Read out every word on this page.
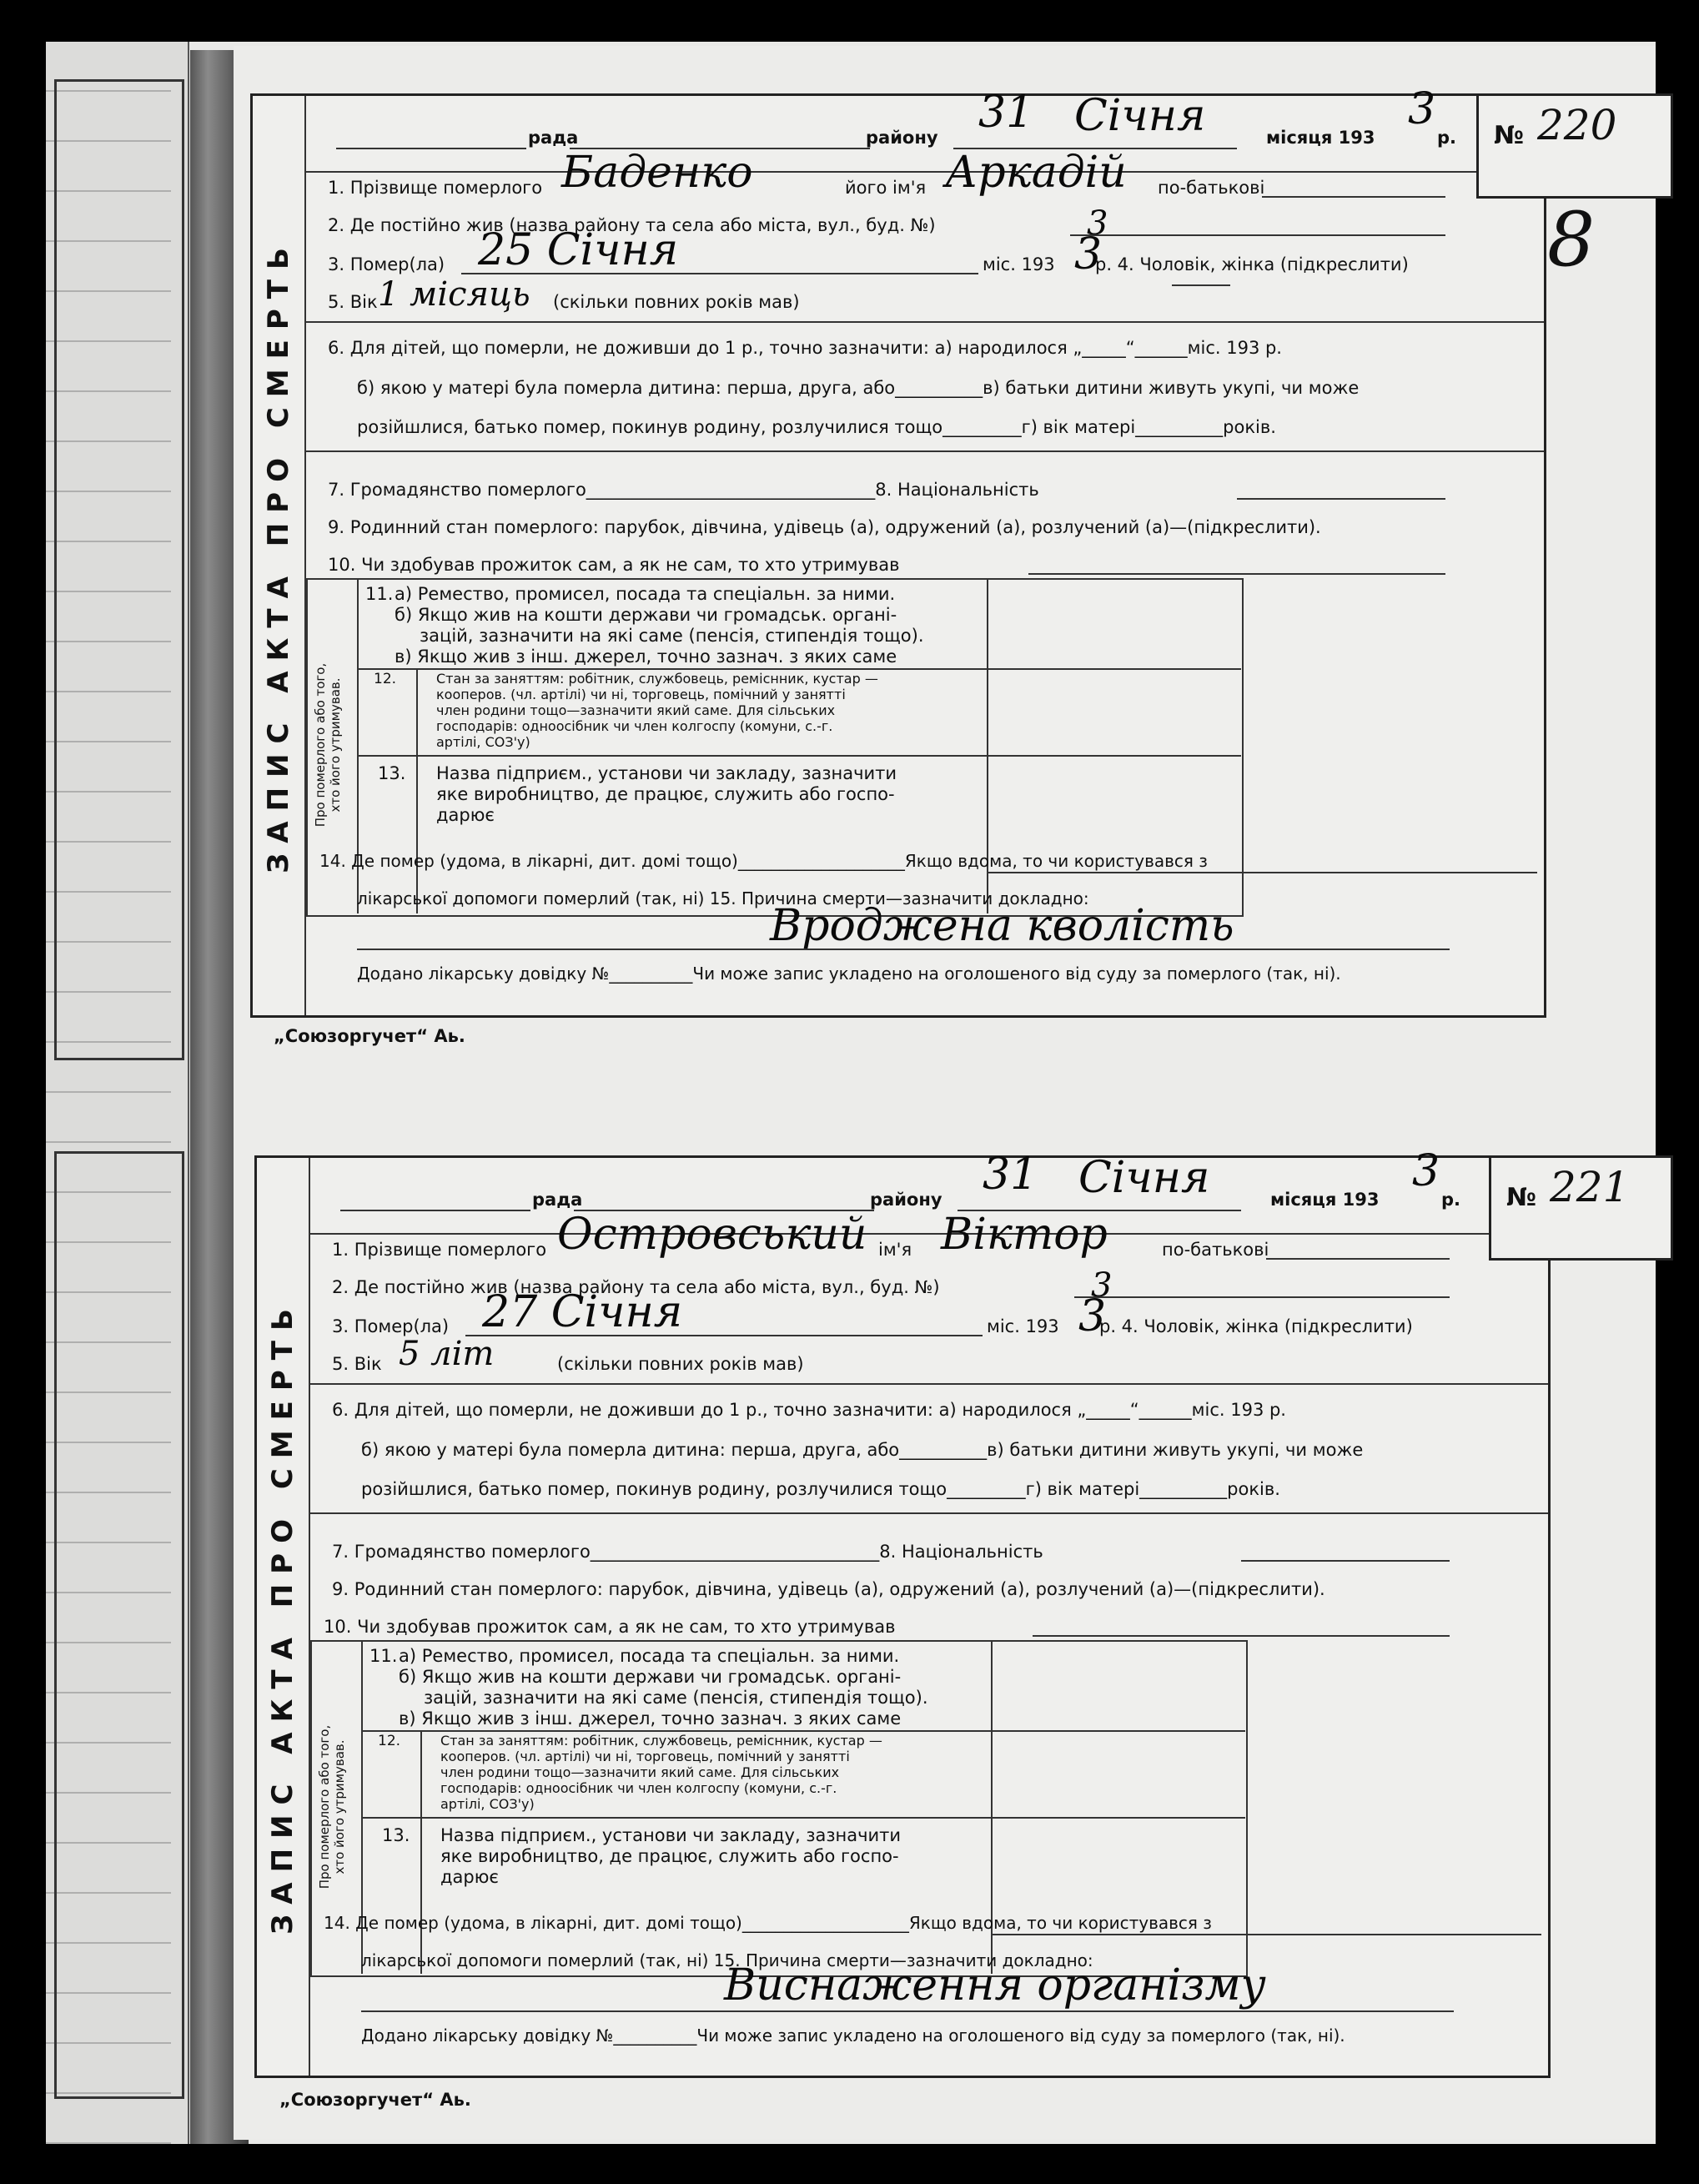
ЗАПИС АКТА ПРО СМЕРТЬ
рада	району 31 Січня	місяця 193
3
р.
1. Прізвище померлого Баденко	його ім'я Аркадій по-батькові
2. Де постійно жив (назва району та села або міста, вул., буд. №)	3
3. Помер(ла) 25 Січня	міс. 193 3
р. 4. Чоловік, жінка (підкреслити)
5. Вік 1 місяць (скільки повних років мав)
6. Для дітей, що померли, не доживши до 1 р., точно зазначити: а) народилося „_____“______міс. 193 р.
б) якою у матері була померла дитина: перша, друга, або__________в) батьки дитини живуть укупі, чи може
розійшлися, батько помер, покинув родину, розлучилися тощо_________г) вік матері__________років.
7. Громадянство померлого_________________________________8. Національність
9. Родинний стан померлого: парубок, дівчина, удівець (а), одружений (а), розлучений (а)—(підкреслити).
10. Чи здобував прожиток сам, а як не сам, то хто утримував
Про померлого або того,
хто його утримував.
11. а) Ремество, промисел, посада та спеціальн. за ними.
б) Якщо жив на кошти держави чи громадськ. органі-
зацій, зазначити на які саме (пенсія, стипендія тощо).
в) Якщо жив з інш. джерел, точно зазнач. з яких саме
12.	Стан за заняттям: робітник, службовець, реміснник, кустар —
кооперов. (чл. артілі) чи ні, торговець, помічний у занятті
член родини тощо—зазначити який саме. Для сільських
господарів: одноосібник чи член колгоспу (комуни, с.-г.
артілі, СОЗ'у)
13. Назва підприєм., установи чи закладу, зазначити
яке виробництво, де працює, служить або госпо-
дарює
14. Де помер (удома, в лікарні, дит. домі тощо)____________________Якщо вдома, то чи користувався з
лікарської допомоги померлий (так, ні) 15. Причина смерти—зазначити докладно:
Вроджена кволість
Додано лікарську довідку №__________Чи може запис укладено на оголошеного від суду за померлого (так, ні).
№ 220
8
„Союзоргучет“ Аь.
ЗАПИС АКТА ПРО СМЕРТЬ
рада	району 31 Січня	місяця 193
3
р.
1. Прізвище померлого Островський ім'я Віктор	по-батькові
2. Де постійно жив (назва району та села або міста, вул., буд. №)	3
3. Помер(ла) 27 Січня	міс. 193 3
р. 4. Чоловік, жінка (підкреслити)
5. Вік 5 літ	(скільки повних років мав)
6. Для дітей, що померли, не доживши до 1 р., точно зазначити: а) народилося „_____“______міс. 193 р.
б) якою у матері була померла дитина: перша, друга, або__________в) батьки дитини живуть укупі, чи може
розійшлися, батько помер, покинув родину, розлучилися тощо_________г) вік матері__________років.
7. Громадянство померлого_________________________________8. Національність
9. Родинний стан померлого: парубок, дівчина, удівець (а), одружений (а), розлучений (а)—(підкреслити).
10. Чи здобував прожиток сам, а як не сам, то хто утримував
Про померлого або того,
хто його утримував.
11. а) Ремество, промисел, посада та спеціальн. за ними.
б) Якщо жив на кошти держави чи громадськ. органі-
зацій, зазначити на які саме (пенсія, стипендія тощо).
в) Якщо жив з інш. джерел, точно зазнач. з яких саме
12.	Стан за заняттям: робітник, службовець, реміснник, кустар —
кооперов. (чл. артілі) чи ні, торговець, помічний у занятті
член родини тощо—зазначити який саме. Для сільських
господарів: одноосібник чи член колгоспу (комуни, с.-г.
артілі, СОЗ'у)
13. Назва підприєм., установи чи закладу, зазначити
яке виробництво, де працює, служить або госпо-
дарює
14. Де помер (удома, в лікарні, дит. домі тощо)____________________Якщо вдома, то чи користувався з
лікарської допомоги померлий (так, ні) 15. Причина смерти—зазначити докладно:
Виснаження організму
Додано лікарську довідку №__________Чи може запис укладено на оголошеного від суду за померлого (так, ні).
№ 221
„Союзоргучет“ Аь.
